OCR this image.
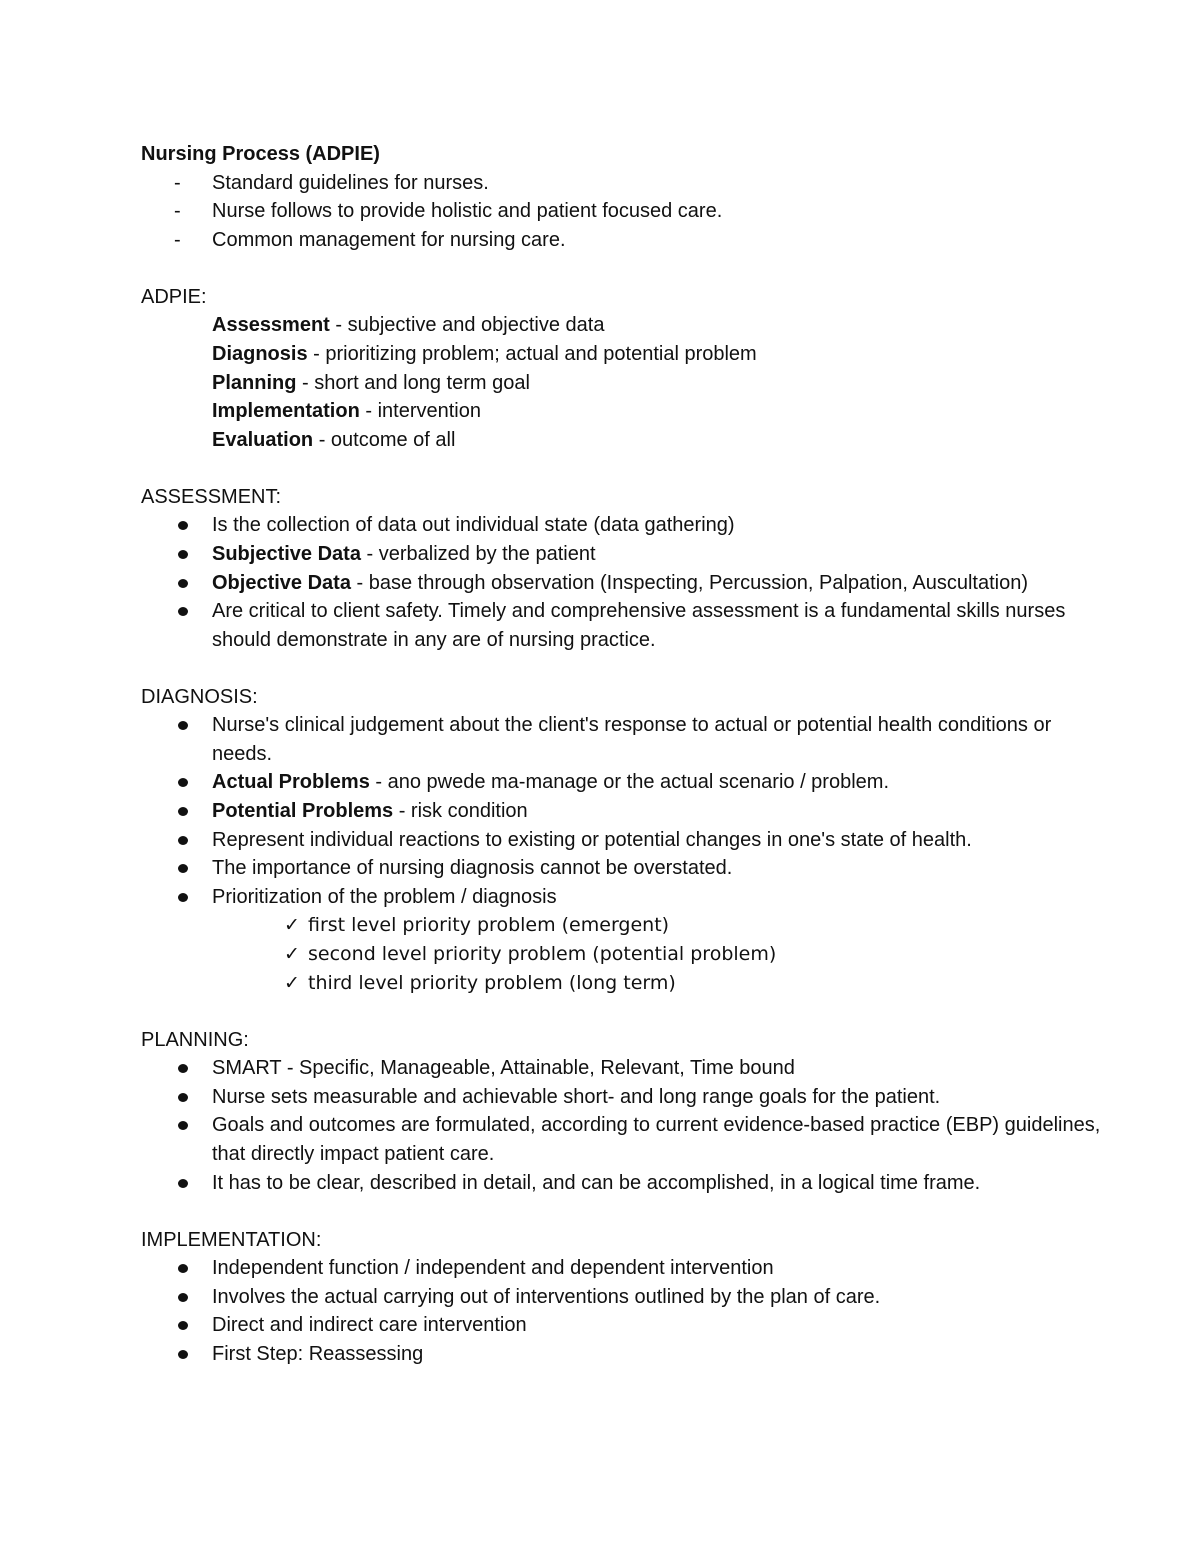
Nursing Process (ADPIE)
- Standard guidelines for nurses.
- Nurse follows to provide holistic and patient focused care.
- Common management for nursing care.
ADPIE:
Assessment - subjective and objective data
Diagnosis - prioritizing problem; actual and potential problem
Planning - short and long term goal
Implementation - intervention
Evaluation - outcome of all
ASSESSMENT:
Is the collection of data out individual state (data gathering)
Subjective Data - verbalized by the patient
Objective Data - base through observation (Inspecting, Percussion, Palpation, Auscultation)
Are critical to client safety. Timely and comprehensive assessment is a fundamental skills nurses should demonstrate in any are of nursing practice.
DIAGNOSIS:
Nurse's clinical judgement about the client's response to actual or potential health conditions or needs.
Actual Problems - ano pwede ma-manage or the actual scenario / problem.
Potential Problems - risk condition
Represent individual reactions to existing or potential changes in one's state of health.
The importance of nursing diagnosis cannot be overstated.
Prioritization of the problem / diagnosis
✓ first level priority problem (emergent)
✓ second level priority problem (potential problem)
✓ third level priority problem (long term)
PLANNING:
SMART - Specific, Manageable, Attainable, Relevant, Time bound
Nurse sets measurable and achievable short- and long range goals for the patient.
Goals and outcomes are formulated, according to current evidence-based practice (EBP) guidelines, that directly impact patient care.
It has to be clear, described in detail, and can be accomplished, in a logical time frame.
IMPLEMENTATION:
Independent function / independent and dependent intervention
Involves the actual carrying out of interventions outlined by the plan of care.
Direct and indirect care intervention
First Step: Reassessing
